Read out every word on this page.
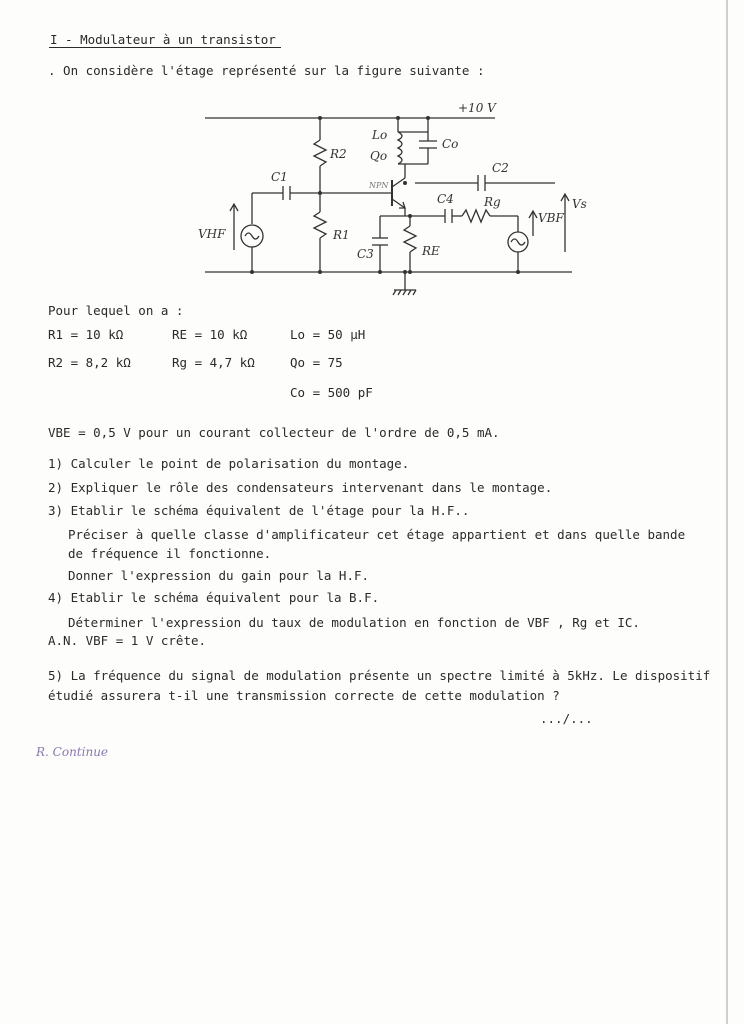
I - Modulateur à un transistor
. On considère l'étage représenté sur la figure suivante :
+10 V
R2
R1
Lo
Qo
Co
C1
C2
C3
C4	Rg
RE
VHF
VBF
Vs
NPN
Pour lequel on a :
R1 = 10 kΩ
R2 = 8,2 kΩ
RE = 10 kΩ
Rg = 4,7 kΩ
Lo = 50 µH
Qo = 75
Co = 500 pF
VBE = 0,5 V pour un courant collecteur de l'ordre de 0,5 mA.
1) Calculer le point de polarisation du montage.
2) Expliquer le rôle des condensateurs intervenant dans le montage.
3) Etablir le schéma équivalent de l'étage pour la H.F..
Préciser à quelle classe d'amplificateur cet étage appartient et dans quelle bande
de fréquence il fonctionne.
Donner l'expression du gain pour la H.F.
4) Etablir le schéma équivalent pour la B.F.
Déterminer l'expression du taux de modulation en fonction de VBF , Rg et IC.
A.N. VBF = 1 V crête.
5) La fréquence du signal de modulation présente un spectre limité à 5kHz. Le dispositif
étudié assurera t-il une transmission correcte de cette modulation ?
.../...
R. Continue
